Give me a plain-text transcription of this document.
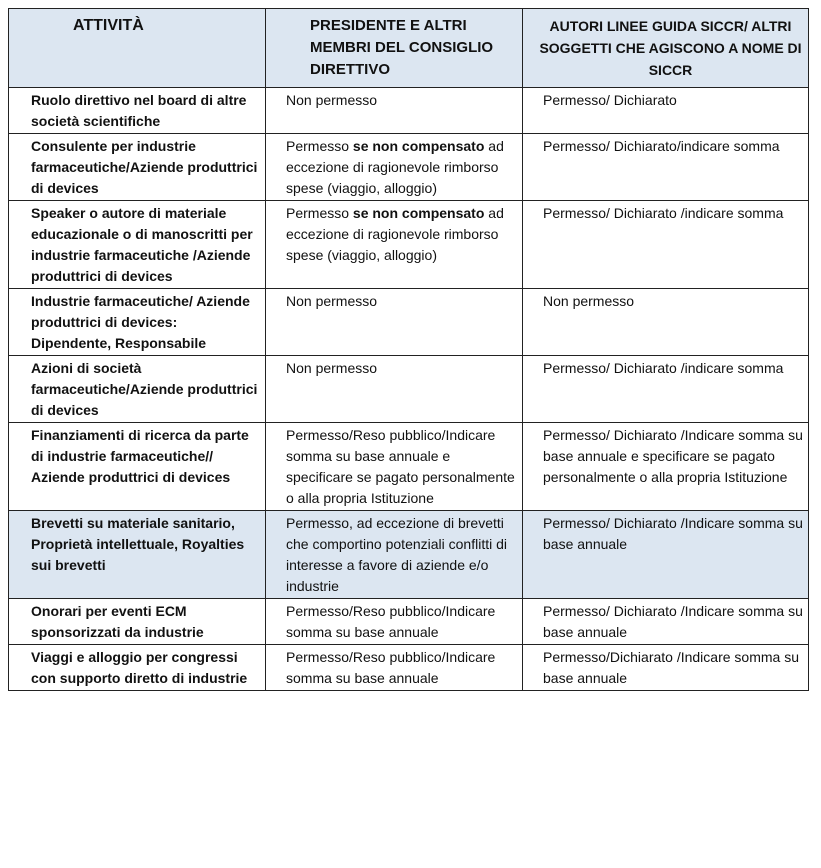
ATTIVITÀ	PRESIDENTE E ALTRI MEMBRI DEL CONSIGLIO DIRETTIVO	AUTORI LINEE GUIDA SICCR/ ALTRI SOGGETTI CHE AGISCONO A NOME DI SICCR
Ruolo direttivo nel board di altre società scientifiche	Non permesso	Permesso/ Dichiarato
Consulente per industrie farmaceutiche/Aziende produttrici di devices	Permesso se non compensato ad eccezione di ragionevole rimborso spese (viaggio, alloggio)	Permesso/ Dichiarato/indicare somma
Speaker o autore di materiale educazionale o di manoscritti per industrie farmaceutiche /Aziende produttrici di devices	Permesso se non compensato ad eccezione di ragionevole rimborso spese (viaggio, alloggio)	Permesso/ Dichiarato /indicare somma
Industrie farmaceutiche/ Aziende produttrici di devices: Dipendente, Responsabile	Non permesso	Non permesso
Azioni di società farmaceutiche/Aziende produttrici di devices	Non permesso	Permesso/ Dichiarato /indicare somma
Finanziamenti di ricerca da parte di industrie farmaceutiche// Aziende produttrici di devices	Permesso/Reso pubblico/Indicare somma su base annuale e specificare se pagato personalmente o alla propria Istituzione	Permesso/ Dichiarato /Indicare somma su base annuale e specificare se pagato personalmente o alla propria Istituzione
Brevetti su materiale sanitario, Proprietà intellettuale, Royalties sui brevetti	Permesso, ad eccezione di brevetti che comportino potenziali conflitti di interesse a favore di aziende e/o industrie	Permesso/ Dichiarato /Indicare somma su base annuale
Onorari per eventi ECM sponsorizzati da industrie	Permesso/Reso pubblico/Indicare somma su base annuale	Permesso/ Dichiarato /Indicare somma su base annuale
Viaggi e alloggio per congressi con supporto diretto di industrie	Permesso/Reso pubblico/Indicare somma su base annuale	Permesso/Dichiarato /Indicare somma su base annuale
